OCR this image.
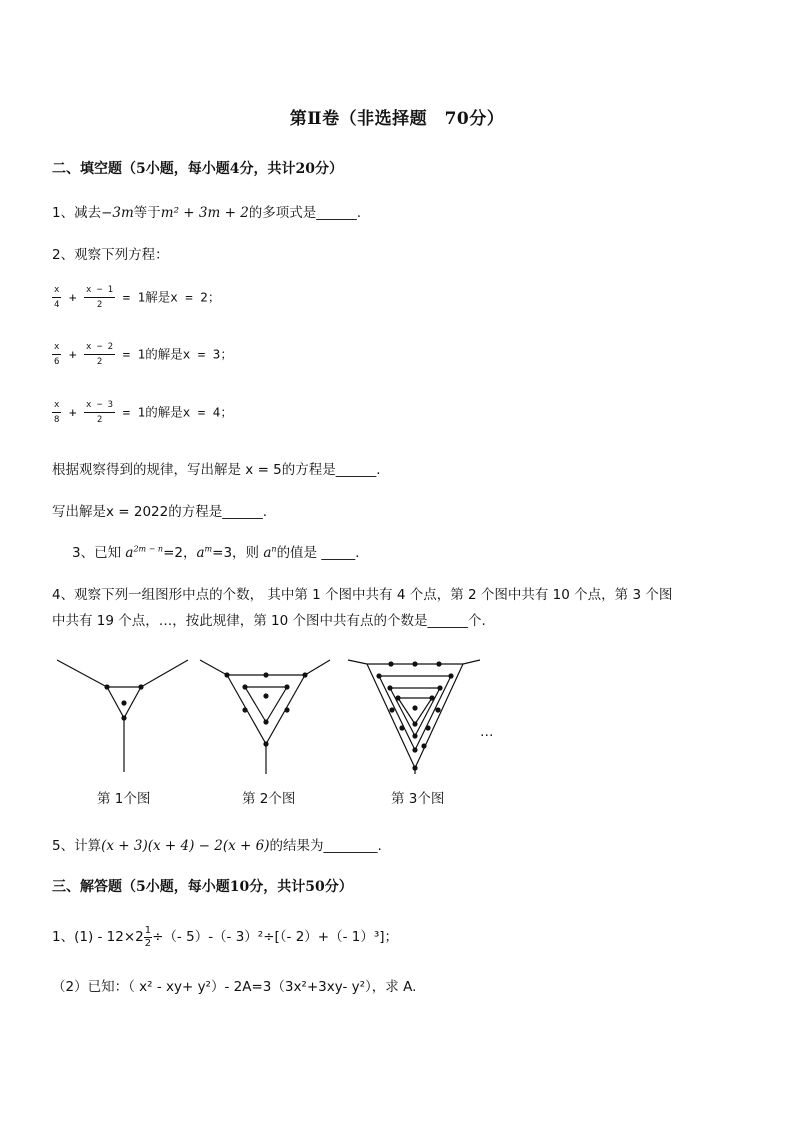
第Ⅱ卷（非选择题　70分）
二、填空题（5小题，每小题4分，共计20分）
1、减去−3m等于m² + 3m + 2的多项式是______.
2、观察下列方程：
$\frac{x}{4} + \frac{x - 1}{2} = 1$解是x = 2；
$\frac{x}{6} + \frac{x - 2}{2} = 1$的解是x = 3；
$\frac{x}{8} + \frac{x - 3}{2} = 1$的解是x = 4；
根据观察得到的规律，写出解是 x = 5的方程是______.
写出解是x = 2022的方程是______.
3、已知 $a^{2m - n}=2$，$a^m=3$，则 $a^n$的值是 _____.
4、观察下列一组图形中点的个数， 其中第 1 个图中共有 4 个点，第 2 个图中共有 10 个点，第 3 个图
中共有 19 个点，…，按此规律，第 10 个图中共有点的个数是______个.
…
第 1个图	第 2个图	第 3个图
5、计算(x + 3)(x + 4) − 2(x + 6)的结果为________.
三、解答题（5小题，每小题10分，共计50分）
1、$(1) - 12\times 2 \frac{1}{2}$ ÷（- 5）-（- 3）²÷[（- 2）+（- 1）³]；
（2）已知：（ x² - xy+ y²）- 2A=3（3x²+3xy- y²），求 A.
